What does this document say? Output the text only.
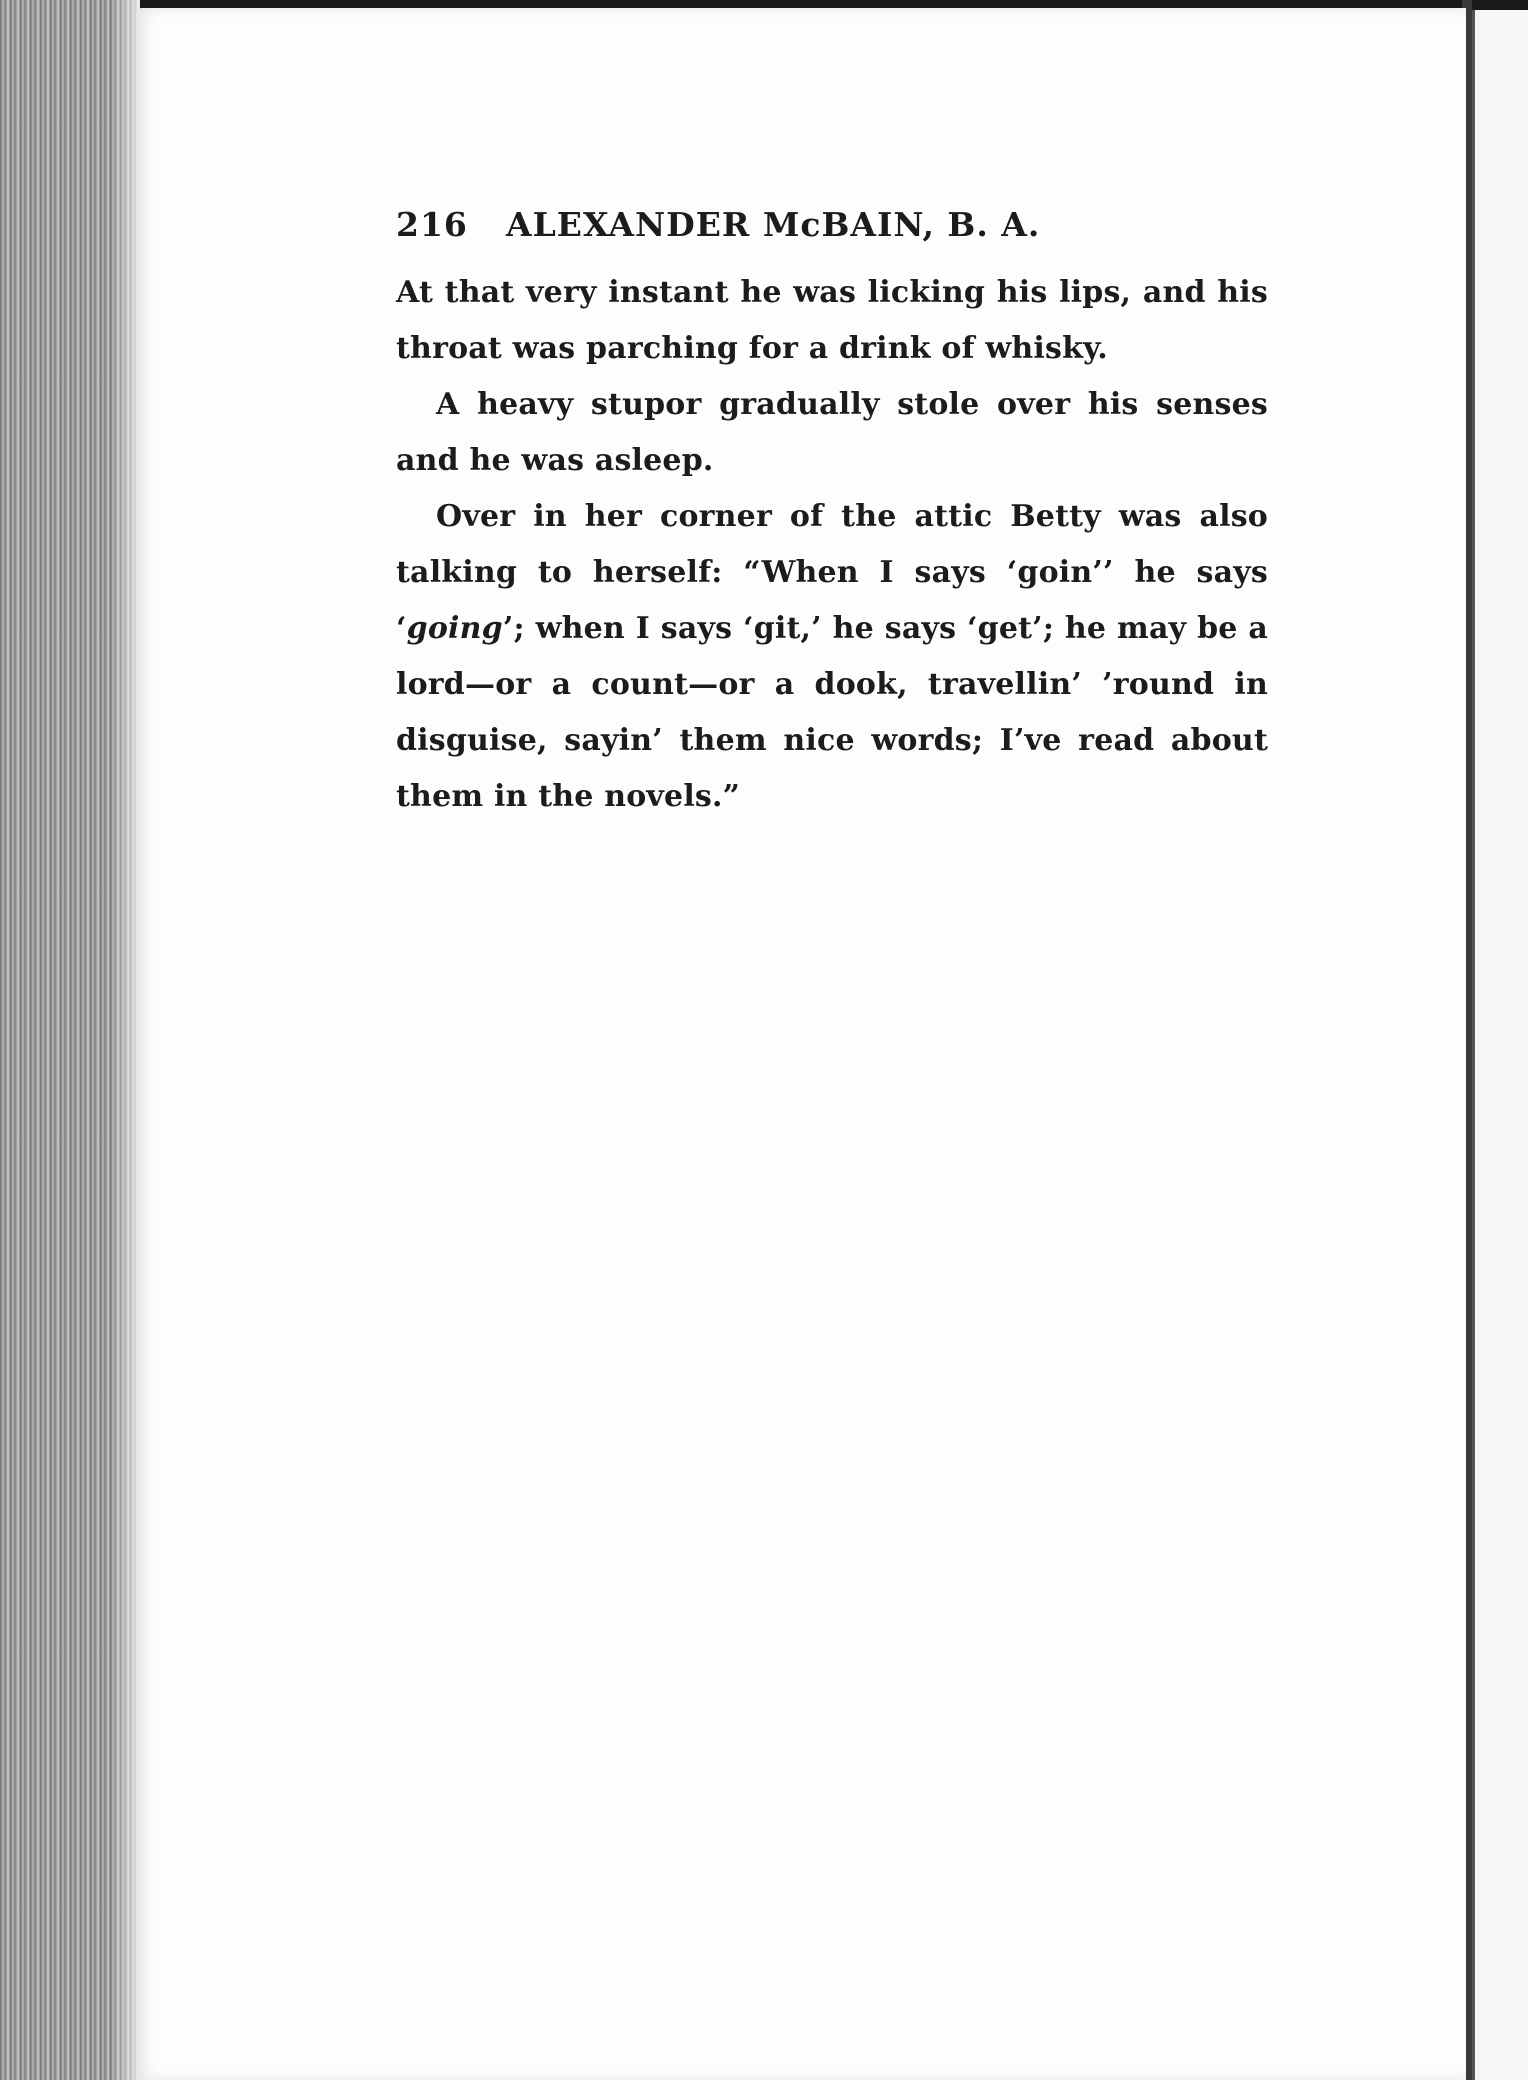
216	ALEXANDER McBAIN, B. A.

At that very instant he was licking his lips, and his throat was parching for a drink of whisky.

A heavy stupor gradually stole over his senses and he was asleep.

Over in her corner of the attic Betty was also talking to herself: “When I says ‘goin’’ he says ‘going’; when I says ‘git,’ he says ‘get’; he may be a lord—or a count—or a dook, travellin’ ’round in disguise, sayin’ them nice words; I’ve read about them in the novels.”
